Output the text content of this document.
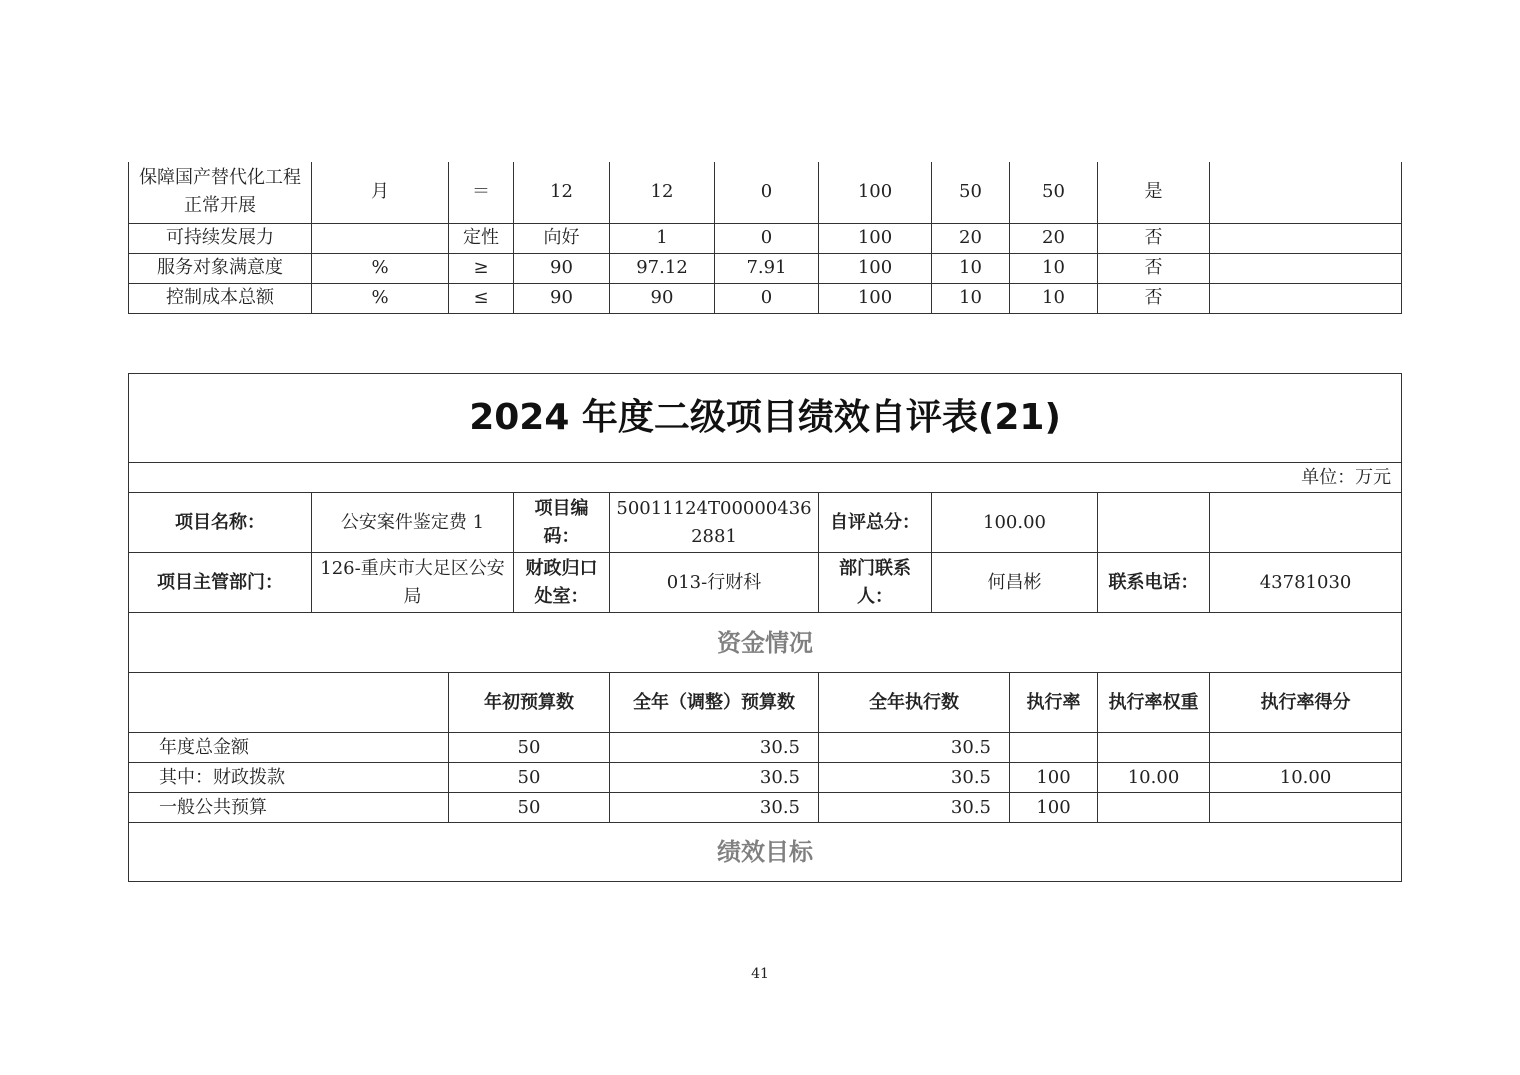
保障国产替代化工程正常开展	月	＝	12	12	0	100	50	50	是	
可持续发展力		定性	向好	1	0	100	20	20	否	
服务对象满意度	%	≥	90	97.12	7.91	100	10	10	否	
控制成本总额	%	≤	90	90	0	100	10	10	否	
2024 年度二级项目绩效自评表(21)									
单位：万元									
项目名称：	公安案件鉴定费 1		项目编码：	50011124T000004362881	自评总分：	100.00			
项目主管部门：	126-重庆市大足区公安局		财政归口处室：	013-行财科	部门联系人：	何昌彬		联系电话：	43781030
资金情况									
		年初预算数		全年（调整）预算数	全年执行数		执行率	执行率权重	执行率得分
年度总金额		50		30.5	30.5				
其中：财政拨款		50		30.5	30.5		100	10.00	10.00
一般公共预算		50		30.5	30.5		100		
绩效目标									
41
